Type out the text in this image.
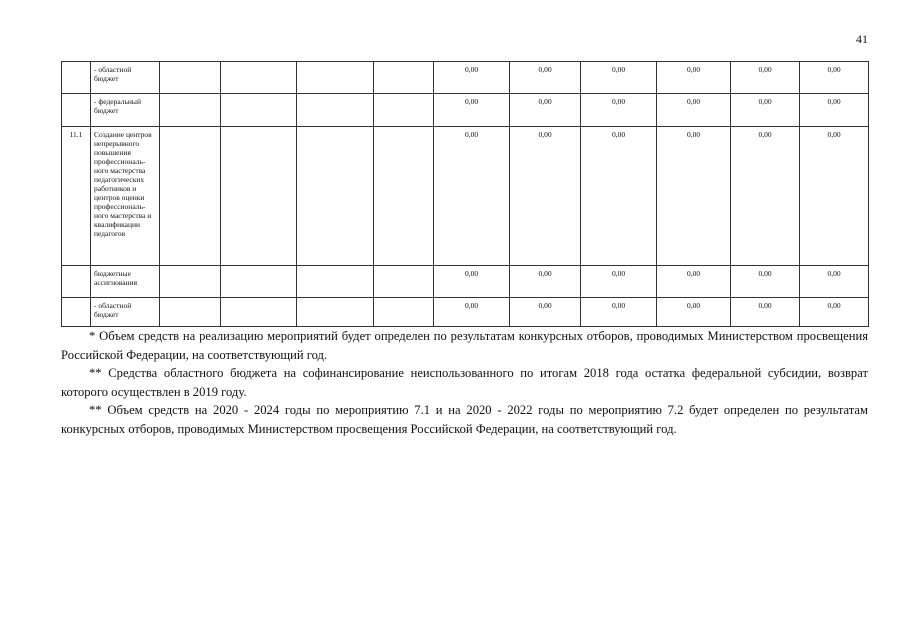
41
	- областной бюджет					0,00	0,00	0,00	0,00	0,00	0,00
	- федеральный бюджет					0,00	0,00	0,00	0,00	0,00	0,00
11.1	Создание центров непрерывного повышения профессиональ-ного мастерства педагогических работников и центров оценки профессиональ-ного мастерства и квалификации педагогов					0,00	0,00	0,00	0,00	0,00	0,00
	бюджетные ассигнования					0,00	0,00	0,00	0,00	0,00	0,00
	- областной бюджет					0,00	0,00	0,00	0,00	0,00	0,00

* Объем средств на реализацию мероприятий будет определен по результатам конкурсных отборов, проводимых Министерством просвещения Российской Федерации, на соответствующий год.

** Средства областного бюджета на софинансирование неиспользованного по итогам 2018 года остатка федеральной субсидии, возврат которого осуществлен в 2019 году.

** Объем средств на 2020 - 2024 годы по мероприятию 7.1 и на 2020 - 2022 годы по мероприятию 7.2 будет определен по результатам конкурсных отборов, проводимых Министерством просвещения Российской Федерации, на соответствующий год.
